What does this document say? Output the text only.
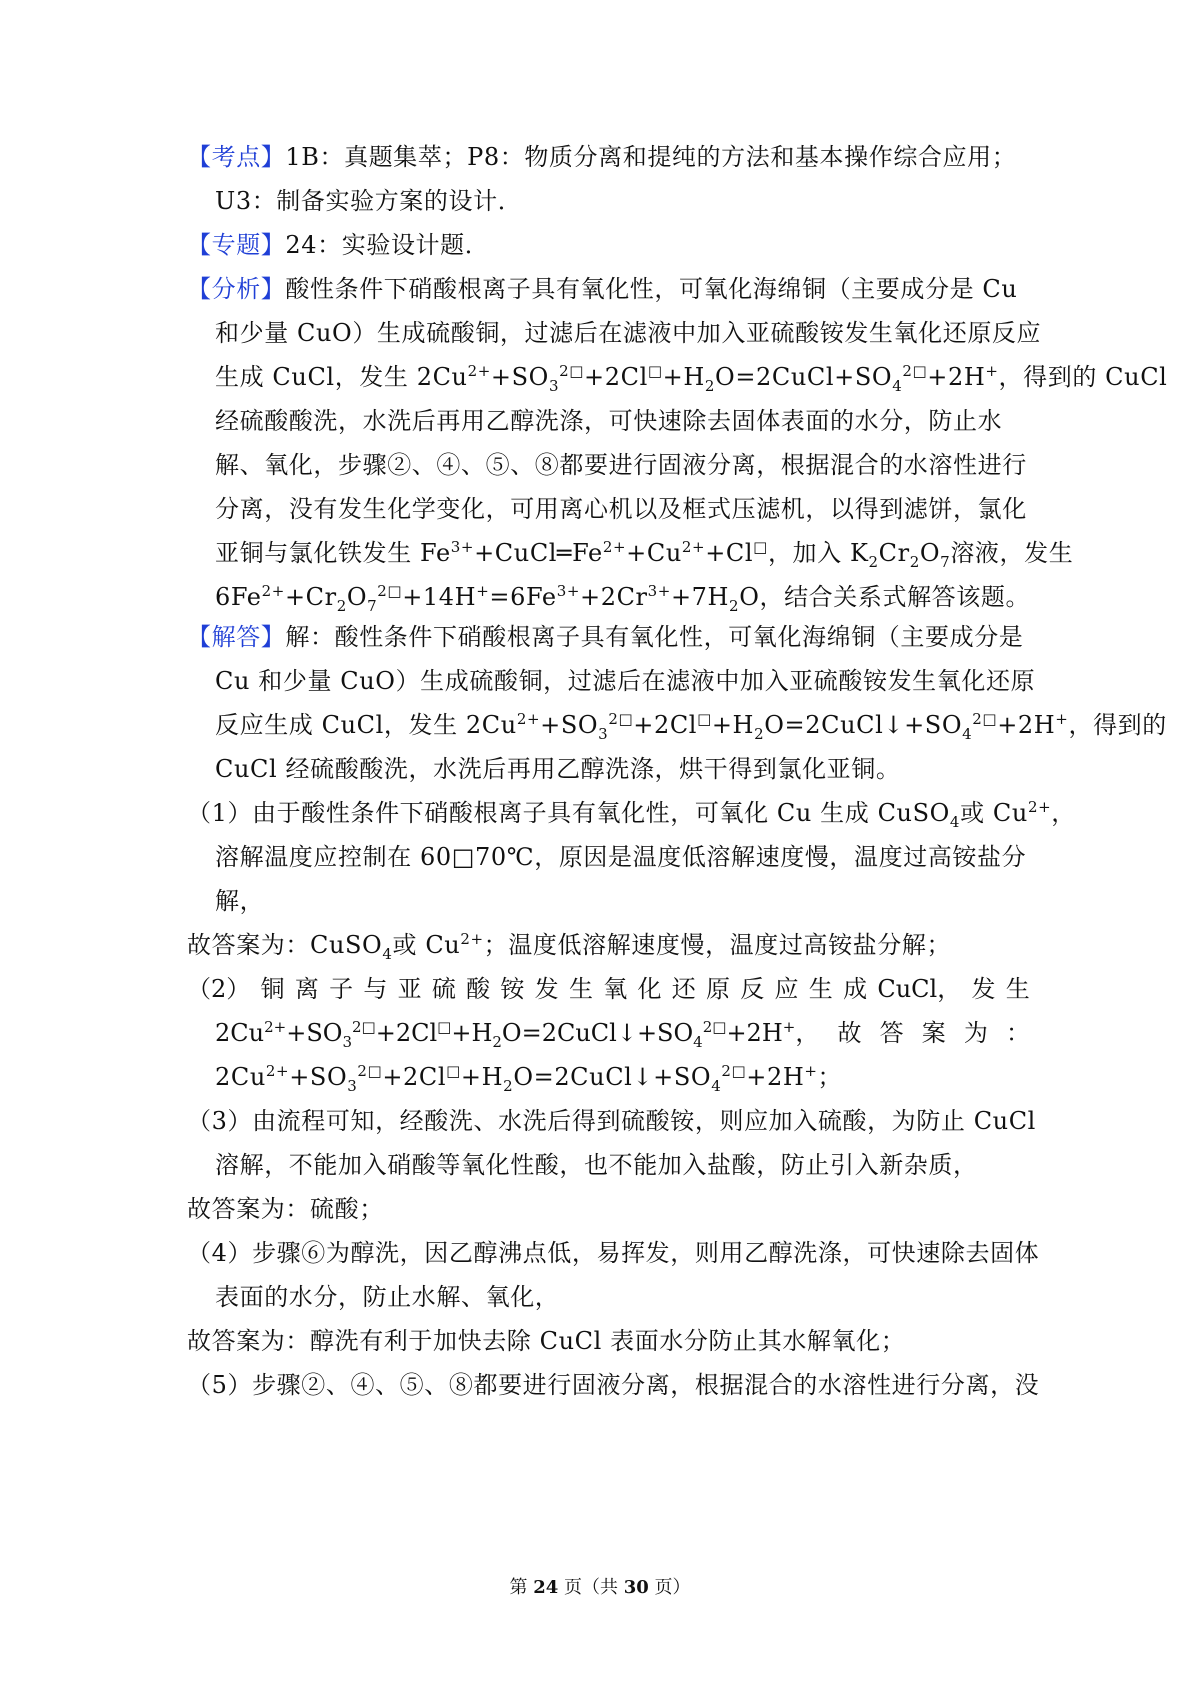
【考点】1B：真题集萃；P8：物质分离和提纯的方法和基本操作综合应用；
U3：制备实验方案的设计．
【专题】24：实验设计题．
【分析】酸性条件下硝酸根离子具有氧化性，可氧化海绵铜（主要成分是 Cu
和少量 CuO）生成硫酸铜，过滤后在滤液中加入亚硫酸铵发生氧化还原反应
生成 CuCl，发生 $2Cu^{2+}+SO_3^{2□}+2Cl^□+H_2O=2CuCl+SO_4^{2□}+2H^+$，得到的 CuCl
经硫酸酸洗，水洗后再用乙醇洗涤，可快速除去固体表面的水分，防止水
解、氧化，步骤②、④、⑤、⑧都要进行固液分离，根据混合的水溶性进行
分离，没有发生化学变化，可用离心机以及框式压滤机，以得到滤饼，氯化
亚铜与氯化铁发生 $Fe^{3+}+CuCl═Fe^{2+}+Cu^{2+}+Cl^□$，加入 $K_2Cr_2O_7$溶液，发生
$6Fe^{2+}+Cr_2O_7^{2□}+14H^+=6Fe^{3+}+2Cr^{3+}+7H_2O$，结合关系式解答该题。
【解答】解：酸性条件下硝酸根离子具有氧化性，可氧化海绵铜（主要成分是
Cu 和少量 CuO）生成硫酸铜，过滤后在滤液中加入亚硫酸铵发生氧化还原
反应生成 CuCl，发生 $2Cu^{2+}+SO_3^{2□}+2Cl^□+H_2O=2CuCl↓+SO_4^{2□}+2H^+$，得到的
CuCl 经硫酸酸洗，水洗后再用乙醇洗涤，烘干得到氯化亚铜。
（1）由于酸性条件下硝酸根离子具有氧化性，可氧化 Cu 生成 CuSO$_4$或 $Cu^{2+}$，
溶解温度应控制在 60□70℃，原因是温度低溶解速度慢，温度过高铵盐分
解，
故答案为：CuSO$_4$或 $Cu^{2+}$；温度低溶解速度慢，温度过高铵盐分解；
（2） 铜 离 子 与 亚 硫 酸 铵 发 生 氧 化 还 原 反 应 生 成 CuCl， 发 生
$2Cu^{2+}+SO_3^{2□}+2Cl^□+H_2O=2CuCl↓+SO_4^{2□}+2H^+$， 故 答 案 为 ：
$2Cu^{2+}+SO_3^{2□}+2Cl^□+H_2O=2CuCl↓+SO_4^{2□}+2H^+$；
（3）由流程可知，经酸洗、水洗后得到硫酸铵，则应加入硫酸，为防止 CuCl
溶解，不能加入硝酸等氧化性酸，也不能加入盐酸，防止引入新杂质，
故答案为：硫酸；
（4）步骤⑥为醇洗，因乙醇沸点低，易挥发，则用乙醇洗涤，可快速除去固体
表面的水分，防止水解、氧化，
故答案为：醇洗有利于加快去除 CuCl 表面水分防止其水解氧化；
（5）步骤②、④、⑤、⑧都要进行固液分离，根据混合的水溶性进行分离，没
第 24 页（共 30 页）
